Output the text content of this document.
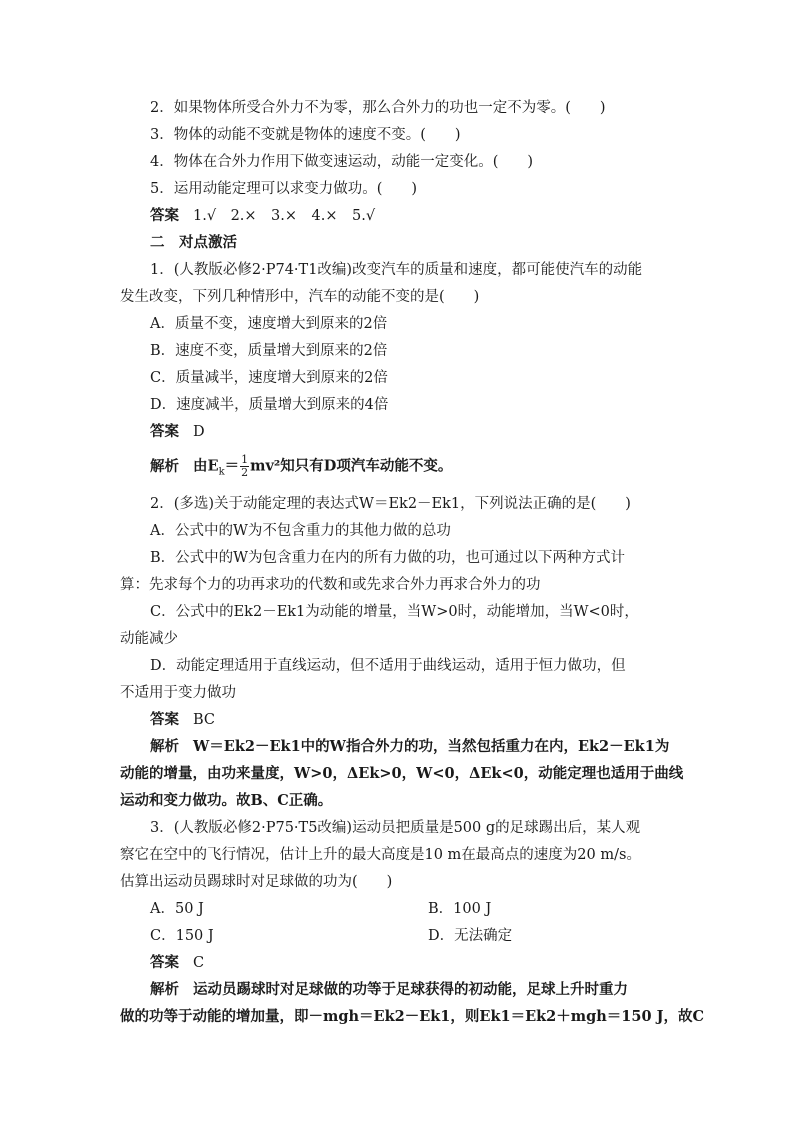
2．如果物体所受合外力不为零，那么合外力的功也一定不为零。(　　)
3．物体的动能不变就是物体的速度不变。(　　)
4．物体在合外力作用下做变速运动，动能一定变化。(　　)
5．运用动能定理可以求变力做功。(　　)
答案 1.√　2.×　3.×　4.×　5.√
二　对点激活
1．(人教版必修2·P74·T1改编)改变汽车的质量和速度，都可能使汽车的动能
发生改变，下列几种情形中，汽车的动能不变的是(　　)
A．质量不变，速度增大到原来的2倍
B．速度不变，质量增大到原来的2倍
C．质量减半，速度增大到原来的2倍
D．速度减半，质量增大到原来的4倍
答案 D
解析 由$E_k= \frac{1}{2} mv^2$知只有D项汽车动能不变。
2．(多选)关于动能定理的表达式W＝Ek2－Ek1，下列说法正确的是(　　)
A．公式中的W为不包含重力的其他力做的总功
B．公式中的W为包含重力在内的所有力做的功，也可通过以下两种方式计
算：先求每个力的功再求功的代数和或先求合外力再求合外力的功
C．公式中的Ek2－Ek1为动能的增量，当W>0时，动能增加，当W<0时，
动能减少
D．动能定理适用于直线运动，但不适用于曲线运动，适用于恒力做功，但
不适用于变力做功
答案 BC
解析 W＝Ek2－Ek1中的W指合外力的功，当然包括重力在内，Ek2－Ek1为
动能的增量，由功来量度，W>0，ΔEk>0，W<0，ΔEk<0，动能定理也适用于曲线
运动和变力做功。故B、C正确。
3．(人教版必修2·P75·T5改编)运动员把质量是500 g的足球踢出后，某人观
察它在空中的飞行情况，估计上升的最大高度是10 m在最高点的速度为20 m/s。
估算出运动员踢球时对足球做的功为(　　)
A．50 J	B．100 J
C．150 J	D．无法确定
答案 C
解析 运动员踢球时对足球做的功等于足球获得的初动能，足球上升时重力
做的功等于动能的增加量，即－mgh＝Ek2－Ek1，则Ek1＝Ek2＋mgh＝150 J，故C
